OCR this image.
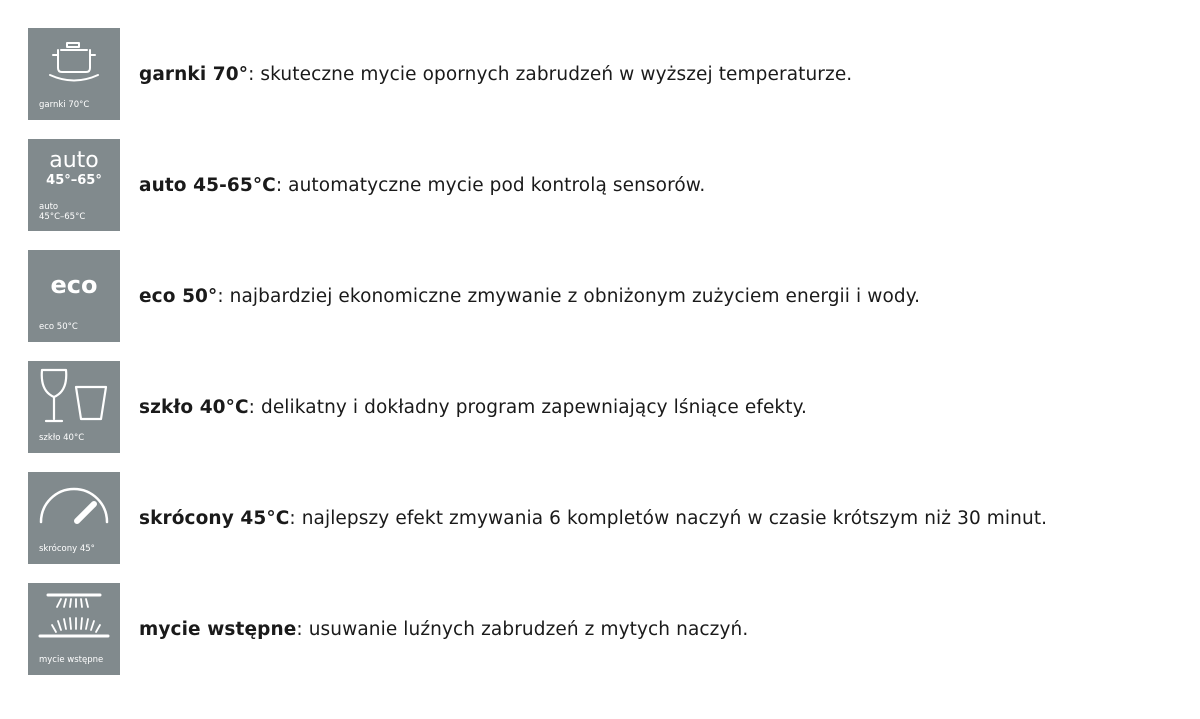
garnki 70°C
garnki 70°: skuteczne mycie opornych zabrudzeń w wyższej temperaturze.
auto
45°–65°
auto
45°C–65°C
auto 45-65°C: automatyczne mycie pod kontrolą sensorów.
eco
eco 50°C
eco 50°: najbardziej ekonomiczne zmywanie z obniżonym zużyciem energii i wody.
szkło 40°C
szkło 40°C: delikatny i dokładny program zapewniający lśniące efekty.
skrócony 45°
skrócony 45°C: najlepszy efekt zmywania 6 kompletów naczyń w czasie krótszym niż 30 minut.
mycie wstępne
mycie wstępne: usuwanie luźnych zabrudzeń z mytych naczyń.
